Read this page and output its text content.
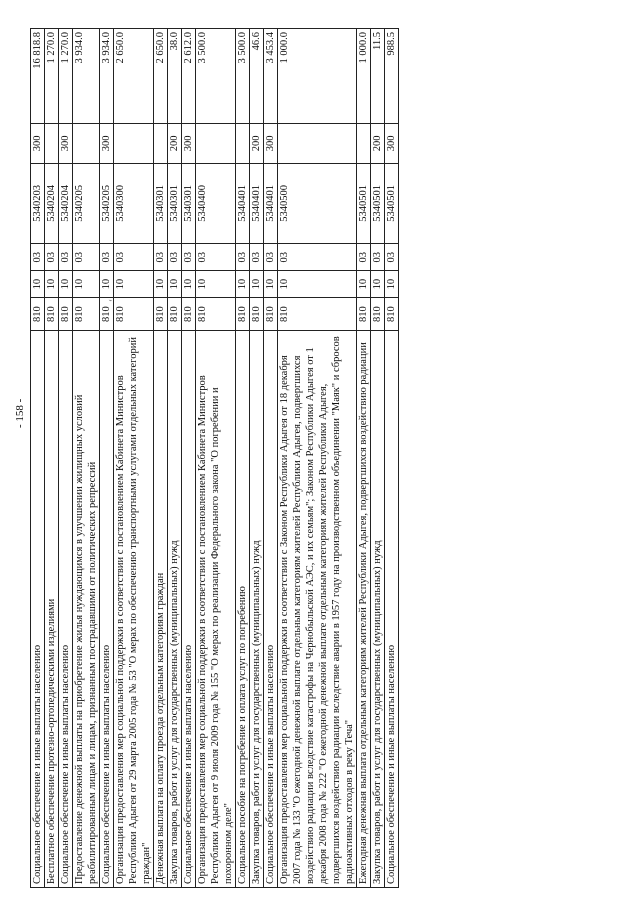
- 158 -
‘
Социальное обеспечение и иные выплаты населению	810	10	03	5340203	300	16 818.8
Бесплатное обеспечение протезно-ортопедическими изделиями	810	10	03	5340204		1 270.0
Социальное обеспечение и иные выплаты населению	810	10	03	5340204	300	1 270.0
Предоставление денежной выплаты на приобретение жилья нуждающимся в улучшении жилищных условий реабилитированным лицам и лицам, признанным пострадавшими от политических репрессий	810	10	03	5340205		3 934.0
Социальное обеспечение и иные выплаты населению	810	10	03	5340205	300	3 934.0
Организация предоставления мер социальной поддержки в соответствии с постановлением Кабинета Министров Республики Адыгея от 29 марта 2005 года № 53 "О мерах по обеспечению транспортными услугами отдельных категорий граждан"	810	10	03	5340300		2 650.0
Денежная выплата на оплату проезда отдельным категориям граждан	810	10	03	5340301		2 650.0
Закупка товаров, работ и услуг для государственных (муниципальных) нужд	810	10	03	5340301	200	38.0
Социальное обеспечение и иные выплаты населению	810	10	03	5340301	300	2 612.0
Организация предоставления мер социальной поддержки в соответствии с постановлением Кабинета Министров Республики Адыгея от 9 июля 2009 года № 155 "О мерах по реализации Федерального закона "О погребении и похоронном деле"	810	10	03	5340400		3 500.0
Социальное пособие на погребение и оплата услуг по погребению	810	10	03	5340401		3 500.0
Закупка товаров, работ и услуг для государственных (муниципальных) нужд	810	10	03	5340401	200	46.6
Социальное обеспечение и иные выплаты населению	810	10	03	5340401	300	3 453.4
Организация предоставления мер социальной поддержки в соответствии с Законом Республики Адыгея от 18 декабря 2007 года № 133 "О ежегодной денежной выплате отдельным категориям жителей Республики Адыгея, подвергшихся воздействию радиации вследствие катастрофы на Чернобыльской АЭС, и их семьям"; Законом Республики Адыгея от 1 декабря 2008 года № 222 "О ежегодной денежной выплате отдельным категориям жителей Республики Адыгея, подвергшихся воздействию радиации вследствие аварии в 1957 году на производственном объединении "Маяк" и сбросов радиоактивных отходов в реку Теча"	810	10	03	5340500		1 000.0
Ежегодная денежная выплата отдельным категориям жителей Республики Адыгея, подвергшихся воздействию радиации	810	10	03	5340501		1 000.0
Закупка товаров, работ и услуг для государственных (муниципальных) нужд	810	10	03	5340501	200	11.5
Социальное обеспечение и иные выплаты населению	810	10	03	5340501	300	988.5
